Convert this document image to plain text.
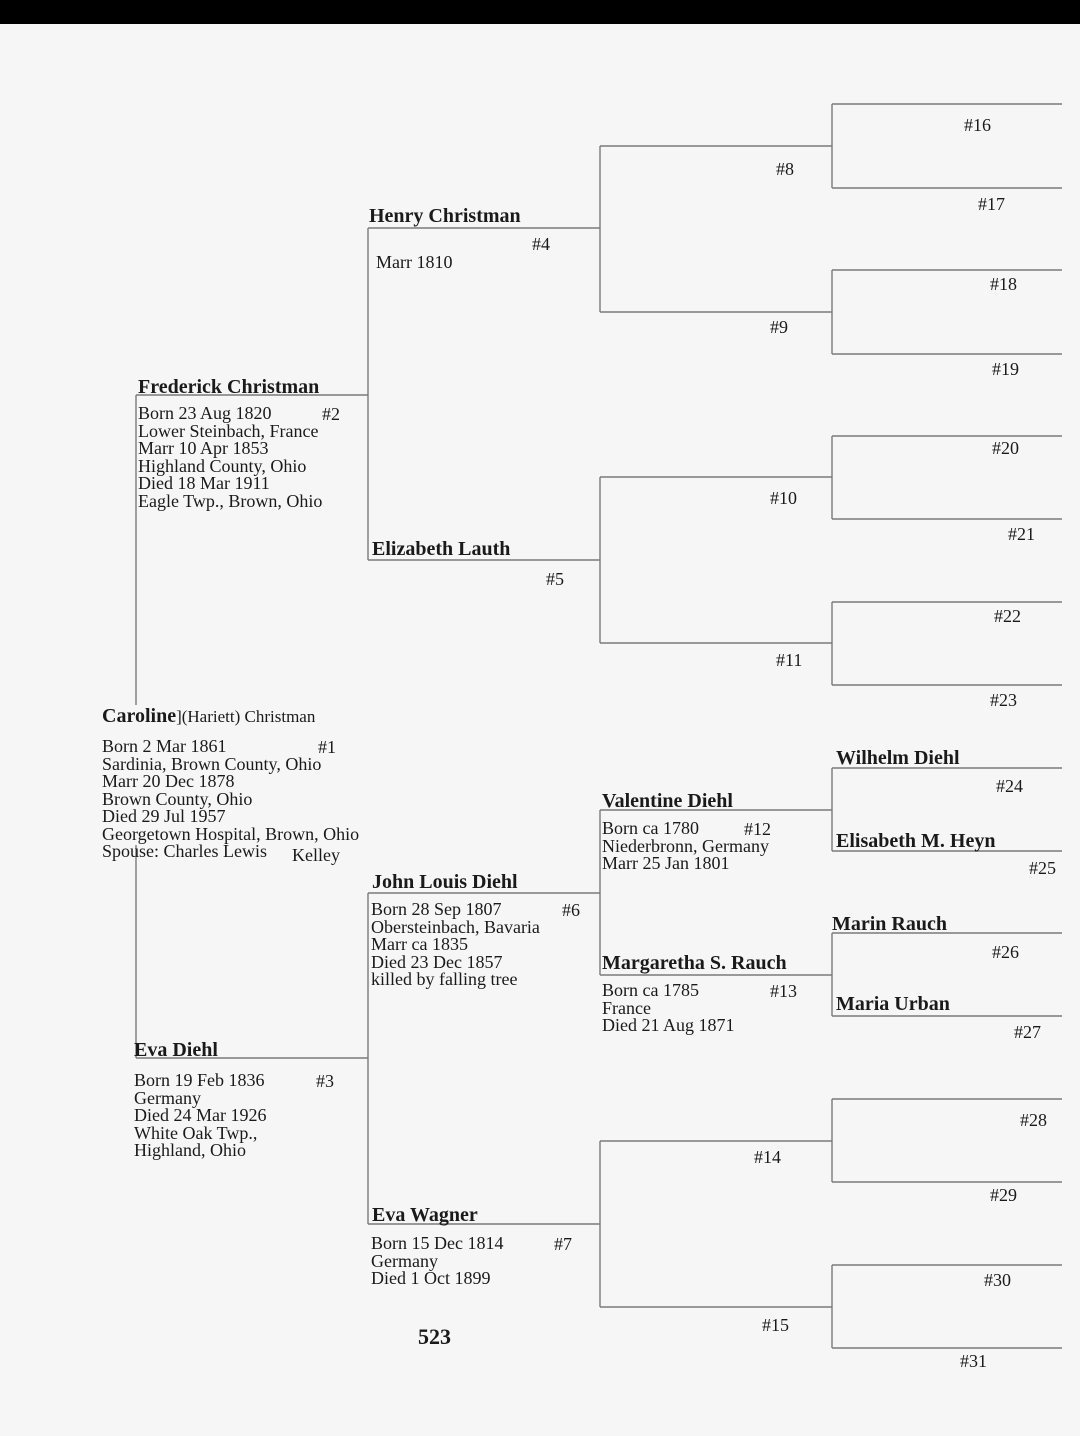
Caroline](Hariett) Christman
#1
Born 2 Mar 1861
Sardinia, Brown County, Ohio
Marr 20 Dec 1878
Brown County, Ohio
Died 29 Jul 1957
Georgetown Hospital, Brown, Ohio
Spouse: Charles Lewis	Kelley
Frederick Christman
#2
Born 23 Aug 1820
Lower Steinbach, France
Marr 10 Apr 1853
Highland County, Ohio
Died 18 Mar 1911
Eagle Twp., Brown, Ohio
Eva Diehl
#3
Born 19 Feb 1836
Germany
Died 24 Mar 1926
White Oak Twp.,
Highland, Ohio
Henry Christman
#4
Marr 1810
Elizabeth Lauth
#5
John Louis Diehl
#6
Born 28 Sep 1807
Obersteinbach, Bavaria
Marr ca 1835
Died 23 Dec 1857
killed by falling tree
Eva Wagner
#7
Born 15 Dec 1814
Germany
Died 1 Oct 1899
#8
#9
#10
#11
Valentine Diehl
#12
Born ca 1780
Niederbronn, Germany
Marr 25 Jan 1801
Margaretha S. Rauch
#13
Born ca 1785
France
Died 21 Aug 1871
#14
#15
#16
#17
#18
#19
#20
#21
#22
#23
Wilhelm Diehl
#24
Elisabeth M. Heyn
#25
Marin Rauch
#26
Maria Urban
#27
#28
#29
#30
#31
523
